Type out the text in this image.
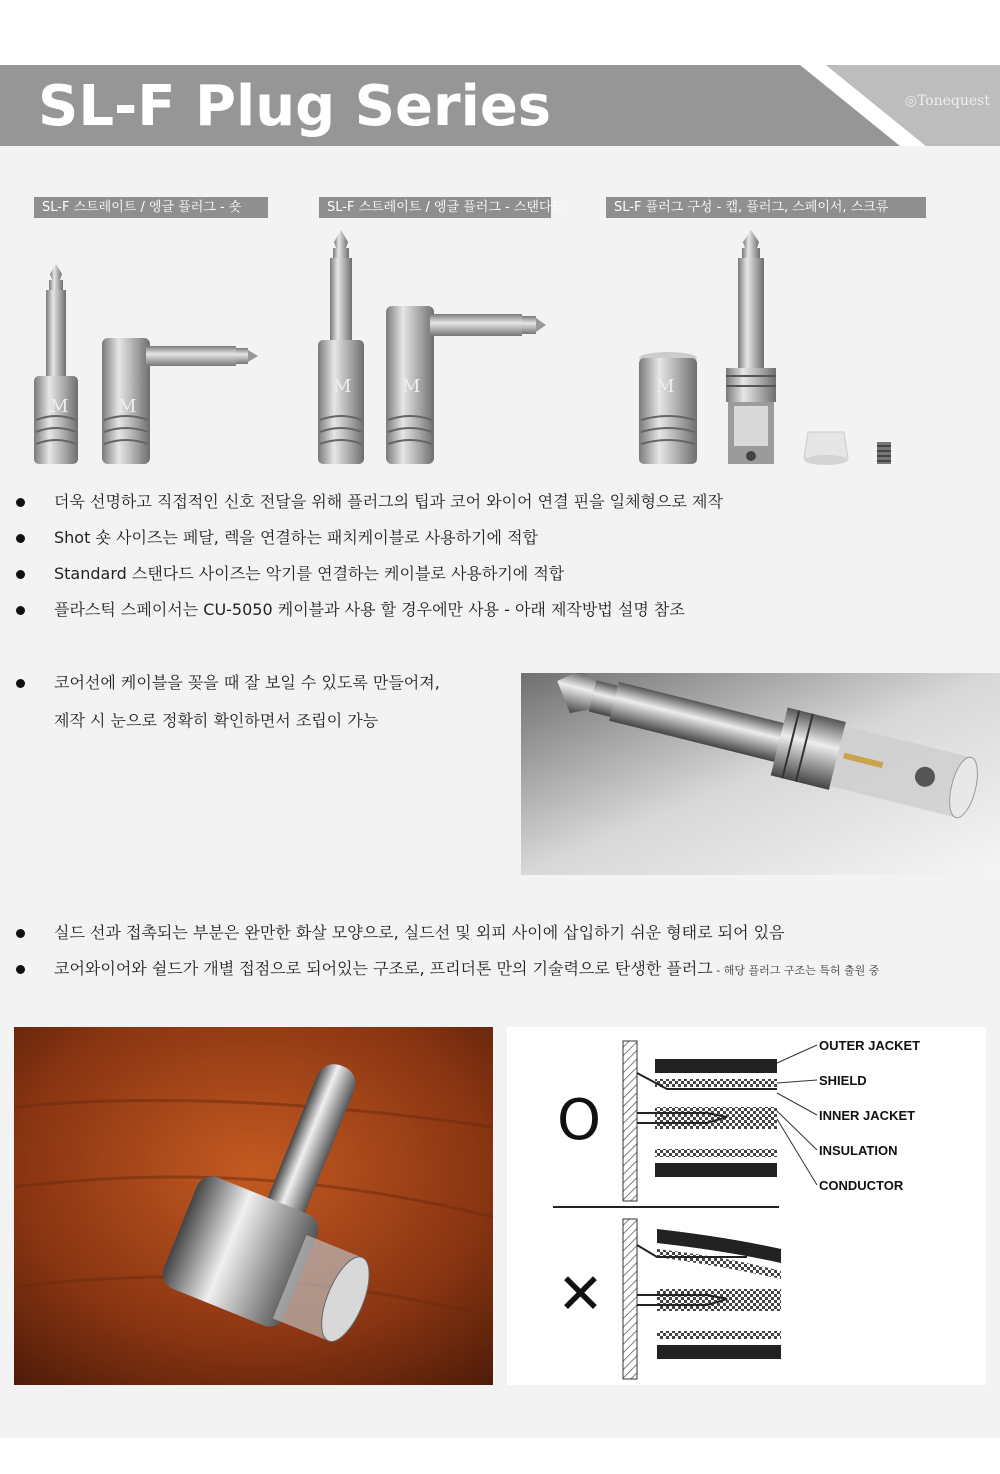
SL-F Plug Series	◎Tonequest
SL-F 스트레이트 / 엥글 플러그 - 숏	SL-F 스트레이트 / 엥글 플러그 - 스탠다드	SL-F 플러그 구성 - 캡, 플러그, 스페이서, 스크류
M	M
M	M	M
더욱 선명하고 직접적인 신호 전달을 위해 플러그의 팁과 코어 와이어 연결 핀을 일체형으로 제작
Shot 숏 사이즈는 페달, 렉을 연결하는 패치케이블로 사용하기에 적합
Standard 스탠다드 사이즈는 악기를 연결하는 케이블로 사용하기에 적합
플라스틱 스페이서는 CU-5050 케이블과 사용 할 경우에만 사용 - 아래 제작방법 설명 참조
코어선에 케이블을 꽂을 때 잘 보일 수 있도록 만들어져,
제작 시 눈으로 정확히 확인하면서 조립이 가능
실드 선과 접촉되는 부분은 완만한 화살 모양으로, 실드선 및 외피 사이에 삽입하기 쉬운 형태로 되어 있음
코어와이어와 쉴드가 개별 접점으로 되어있는 구조로, 프리더톤 만의 기술력으로 탄생한 플러그 - 해당 플러그 구조는 특허 출원 중
O
✕
OUTER JACKET
SHIELD
INNER JACKET
INSULATION
CONDUCTOR
